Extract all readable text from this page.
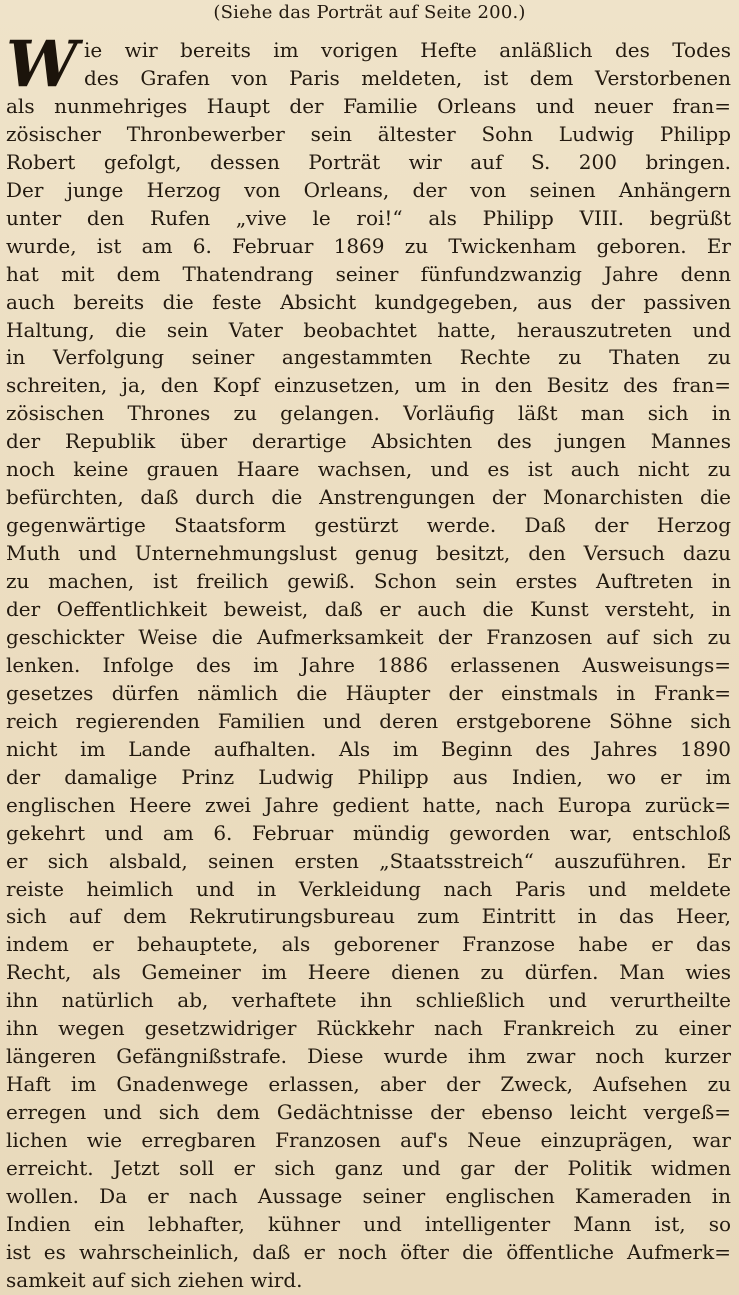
(Siehe das Porträt auf Seite 200.)
W ie wir bereits im vorigen Hefte anläßlich des Todes
des Grafen von Paris meldeten, ist dem Verstorbenen
als nunmehriges Haupt der Familie Orleans und neuer fran=
zösischer Thronbewerber sein ältester Sohn Ludwig Philipp
Robert gefolgt, dessen Porträt wir auf S. 200 bringen.
Der junge Herzog von Orleans, der von seinen Anhängern
unter den Rufen „vive le roi!“ als Philipp VIII. begrüßt
wurde, ist am 6. Februar 1869 zu Twickenham geboren. Er
hat mit dem Thatendrang seiner fünfundzwanzig Jahre denn
auch bereits die feste Absicht kundgegeben, aus der passiven
Haltung, die sein Vater beobachtet hatte, herauszutreten und
in Verfolgung seiner angestammten Rechte zu Thaten zu
schreiten, ja, den Kopf einzusetzen, um in den Besitz des fran=
zösischen Thrones zu gelangen. Vorläufig läßt man sich in
der Republik über derartige Absichten des jungen Mannes
noch keine grauen Haare wachsen, und es ist auch nicht zu
befürchten, daß durch die Anstrengungen der Monarchisten die
gegenwärtige Staatsform gestürzt werde. Daß der Herzog
Muth und Unternehmungslust genug besitzt, den Versuch dazu
zu machen, ist freilich gewiß. Schon sein erstes Auftreten in
der Oeffentlichkeit beweist, daß er auch die Kunst versteht, in
geschickter Weise die Aufmerksamkeit der Franzosen auf sich zu
lenken. Infolge des im Jahre 1886 erlassenen Ausweisungs=
gesetzes dürfen nämlich die Häupter der einstmals in Frank=
reich regierenden Familien und deren erstgeborene Söhne sich
nicht im Lande aufhalten. Als im Beginn des Jahres 1890
der damalige Prinz Ludwig Philipp aus Indien, wo er im
englischen Heere zwei Jahre gedient hatte, nach Europa zurück=
gekehrt und am 6. Februar mündig geworden war, entschloß
er sich alsbald, seinen ersten „Staatsstreich“ auszuführen. Er
reiste heimlich und in Verkleidung nach Paris und meldete
sich auf dem Rekrutirungsbureau zum Eintritt in das Heer,
indem er behauptete, als geborener Franzose habe er das
Recht, als Gemeiner im Heere dienen zu dürfen. Man wies
ihn natürlich ab, verhaftete ihn schließlich und verurtheilte
ihn wegen gesetzwidriger Rückkehr nach Frankreich zu einer
längeren Gefängnißstrafe. Diese wurde ihm zwar noch kurzer
Haft im Gnadenwege erlassen, aber der Zweck, Aufsehen zu
erregen und sich dem Gedächtnisse der ebenso leicht vergeß=
lichen wie erregbaren Franzosen auf's Neue einzuprägen, war
erreicht. Jetzt soll er sich ganz und gar der Politik widmen
wollen. Da er nach Aussage seiner englischen Kameraden in
Indien ein lebhafter, kühner und intelligenter Mann ist, so
ist es wahrscheinlich, daß er noch öfter die öffentliche Aufmerk=
samkeit auf sich ziehen wird.
